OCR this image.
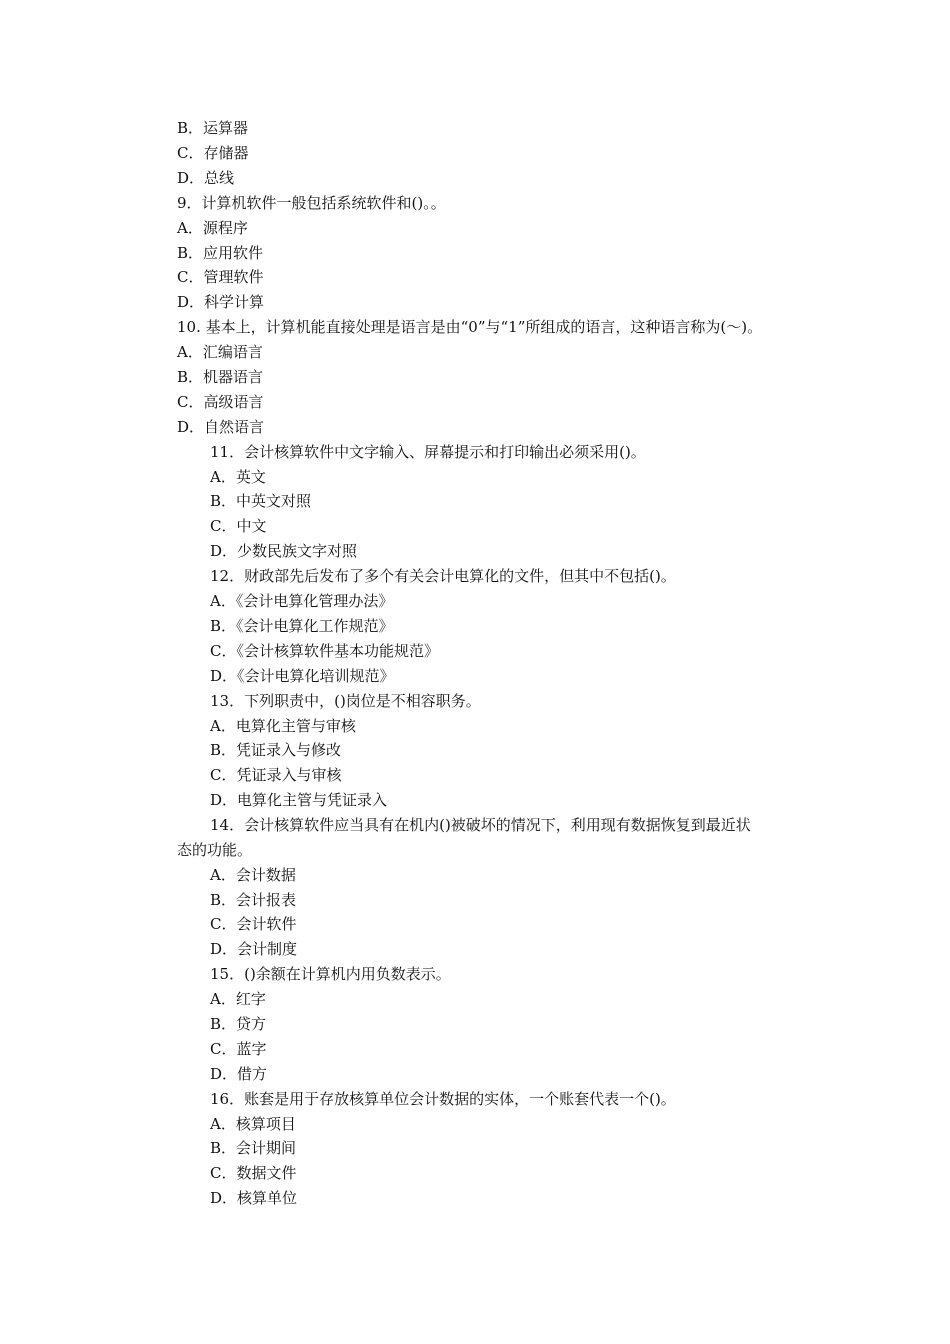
B．运算器
C．存储器
D．总线
9．计算机软件一般包括系统软件和()。。
A．源程序
B．应用软件
C．管理软件
D．科学计算
10. 基本上，计算机能直接处理是语言是由“0”与“1”所组成的语言，这种语言称为(～)。
A．汇编语言
B．机器语言
C．高级语言
D．自然语言
11．会计核算软件中文字输入、屏幕提示和打印输出必须采用()。
A．英文
B．中英文对照
C．中文
D．少数民族文字对照
12．财政部先后发布了多个有关会计电算化的文件，但其中不包括()。
A．《会计电算化管理办法》
B．《会计电算化工作规范》
C．《会计核算软件基本功能规范》
D．《会计电算化培训规范》
13．下列职责中，()岗位是不相容职务。
A．电算化主管与审核
B．凭证录入与修改
C．凭证录入与审核
D．电算化主管与凭证录入
14．会计核算软件应当具有在机内()被破坏的情况下，利用现有数据恢复到最近状
态的功能。
A．会计数据
B．会计报表
C．会计软件
D．会计制度
15．()余额在计算机内用负数表示。
A．红字
B．贷方
C．蓝字
D．借方
16．账套是用于存放核算单位会计数据的实体，一个账套代表一个()。
A．核算项目
B．会计期间
C．数据文件
D．核算单位
